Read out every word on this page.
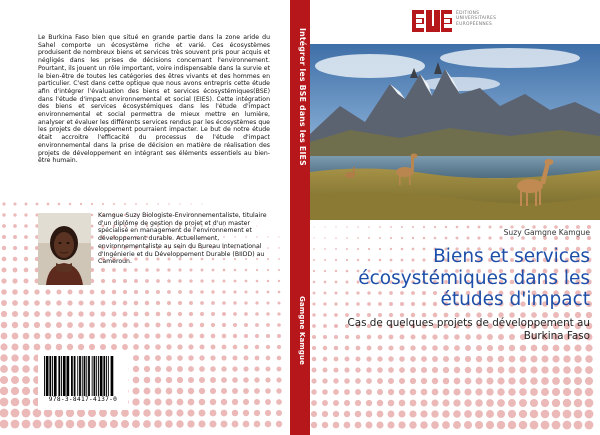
Le Burkina Faso bien que situé en grande partie dans la zone aride du Sahel comporte un écosystème riche et varié. Ces écosystèmes produisent de nombreux biens et services très souvent pris pour acquis et négligés dans les prises de décisions concernant l'environnement. Pourtant, ils jouent un rôle important, voire indispensable dans la survie et le bien-être de toutes les catégories des êtres vivants et des hommes en particulier. C'est dans cette optique que nous avons entrepris cette étude afin d'intégrer l'évaluation des biens et services écosystémiques(BSE) dans l'étude d'impact environnemental et social (EIES). Cette intégration des biens et services écosystémiques dans les l'étude d'impact environnemental et social permettra de mieux mettre en lumière, analyser et évaluer les différents services rendus par les écosystèmes que les projets de développement pourraient impacter. Le but de notre étude était accroitre l'efficacité du processus de l'étude d'impact environnemental dans la prise de décision en matière de réalisation des projets de développement en intégrant ses éléments essentiels au bien-être humain.

Kamgue Suzy Biologiste-Environnementaliste, titulaire d'un diplôme de gestion de projet et d'un master spécialisé en management de l'environnement et développement durable. Actuellement, environnementaliste au sein du Bureau International d'Ingénierie et du Développement Durable (BIIDD) au Cameroun.

978-3-8417-4137-0
Intégrer les BSE dans les EIES
Gamgne Kamgue
ÉDITIONS
UNIVERSITAIRES
EUROPÉENNES
Suzy Gamgne Kamgue
Biens et services écosystémiques dans les études d'impact
Cas de quelques projets de développement au Burkina Faso
